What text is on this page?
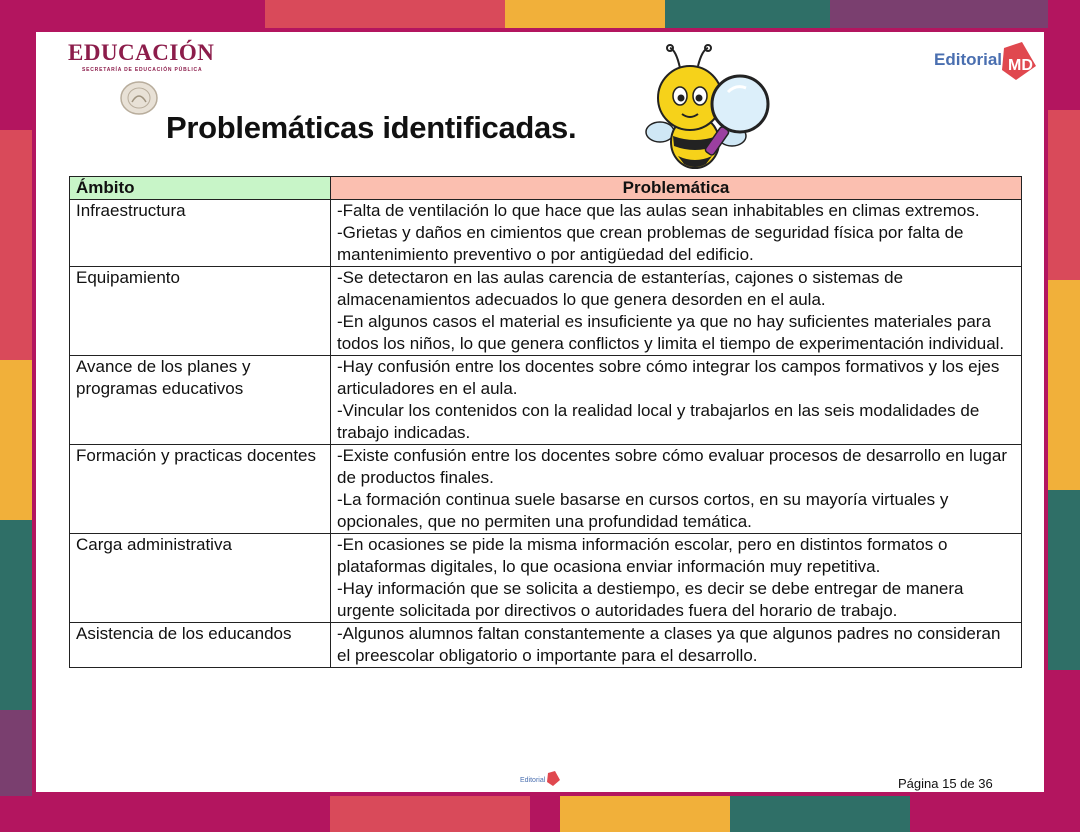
EDUCACIÓN
SECRETARÍA DE EDUCACIÓN PÚBLICA	MD
Editorial
Problemáticas identificadas.
Ámbito	Problemática
Infraestructura	-Falta de ventilación lo que hace que las aulas sean inhabitables en climas extremos.
-Grietas y daños en cimientos que crean problemas de seguridad física por falta de mantenimiento preventivo o por antigüedad del edificio.

Equipamiento	-Se detectaron en las aulas carencia de estanterías, cajones o sistemas de almacenamientos adecuados lo que genera desorden en el aula.
-En algunos casos el material es insuficiente ya que no hay suficientes materiales para todos los niños, lo que genera conflictos y limita el tiempo de experimentación individual.

Avance de los planes y programas educativos	-Hay confusión entre los docentes sobre cómo integrar los campos formativos y los ejes articuladores en el aula.
-Vincular los contenidos con la realidad local y trabajarlos en las seis modalidades de trabajo indicadas.

Formación y practicas docentes	-Existe confusión entre los docentes sobre cómo evaluar procesos de desarrollo en lugar de productos finales.
-La formación continua suele basarse en cursos cortos, en su mayoría virtuales y opcionales, que no permiten una profundidad temática.

Carga administrativa	-En ocasiones se pide la misma información escolar, pero en distintos formatos o plataformas digitales, lo que ocasiona enviar información muy repetitiva.
-Hay información que se solicita a destiempo, es decir se debe entregar de manera urgente solicitada por directivos o autoridades fuera del horario de trabajo.

Asistencia de los educandos	-Algunos alumnos faltan constantemente a clases ya que algunos padres no consideran el preescolar obligatorio o importante para el desarrollo.
Editorial	Página 15 de 36
